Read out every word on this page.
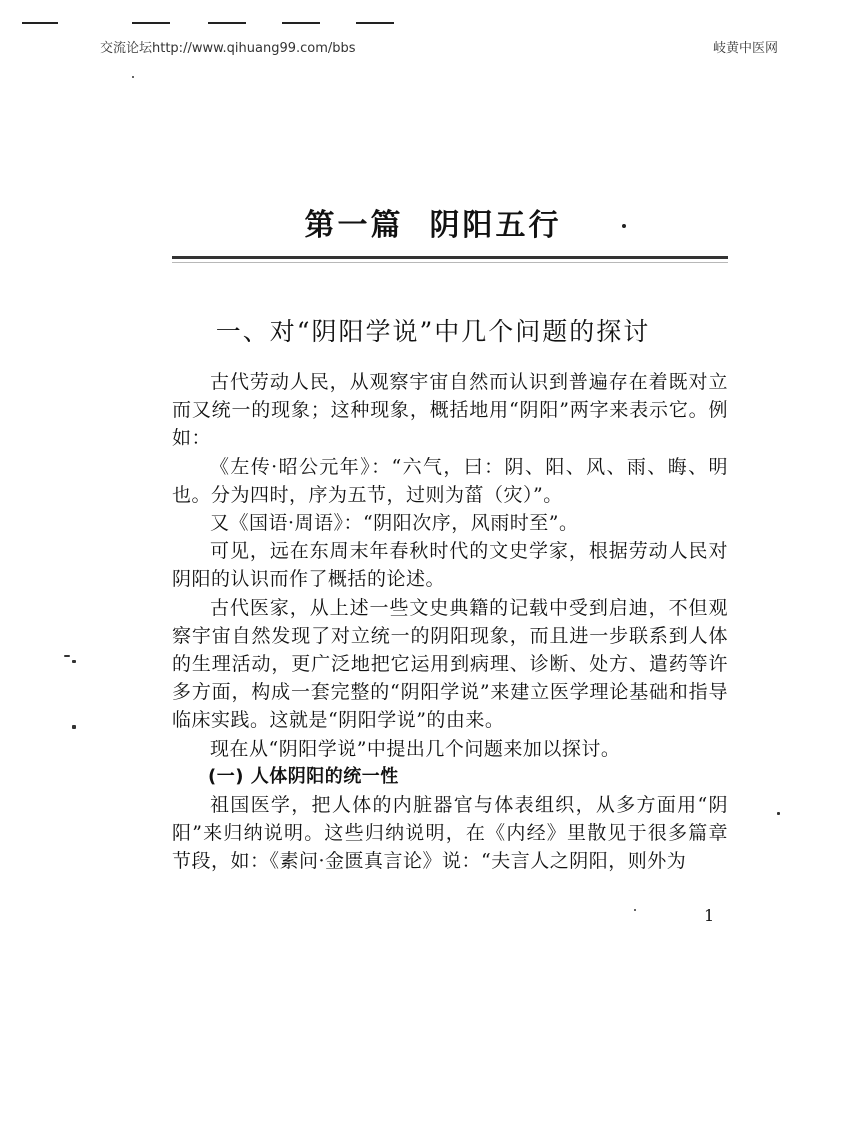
交流论坛http://www.qihuang99.com/bbs	岐黄中医网
第一篇 阴阳五行
一、对“阴阳学说”中几个问题的探讨

古代劳动人民，从观察宇宙自然而认识到普遍存在着既对立而又统一的现象；这种现象，概括地用“阴阳”两字来表示它。例如：

《左传·昭公元年》：“六气，曰：阴、阳、风、雨、晦、明也。分为四时，序为五节，过则为菑（灾）”。

又《国语·周语》：“阴阳次序，风雨时至”。

可见，远在东周末年春秋时代的文史学家，根据劳动人民对阴阳的认识而作了概括的论述。

古代医家，从上述一些文史典籍的记载中受到启迪，不但观察宇宙自然发现了对立统一的阴阳现象，而且进一步联系到人体的生理活动，更广泛地把它运用到病理、诊断、处方、遣药等许多方面，构成一套完整的“阴阳学说”来建立医学理论基础和指导临床实践。这就是“阴阳学说”的由来。

现在从“阴阳学说”中提出几个问题来加以探讨。

(一) 人体阴阳的统一性

祖国医学，把人体的内脏器官与体表组织，从多方面用“阴阳”来归纳说明。这些归纳说明，在《内经》里散见于很多篇章节段，如：《素问·金匮真言论》说：“夫言人之阴阳，则外为

1
